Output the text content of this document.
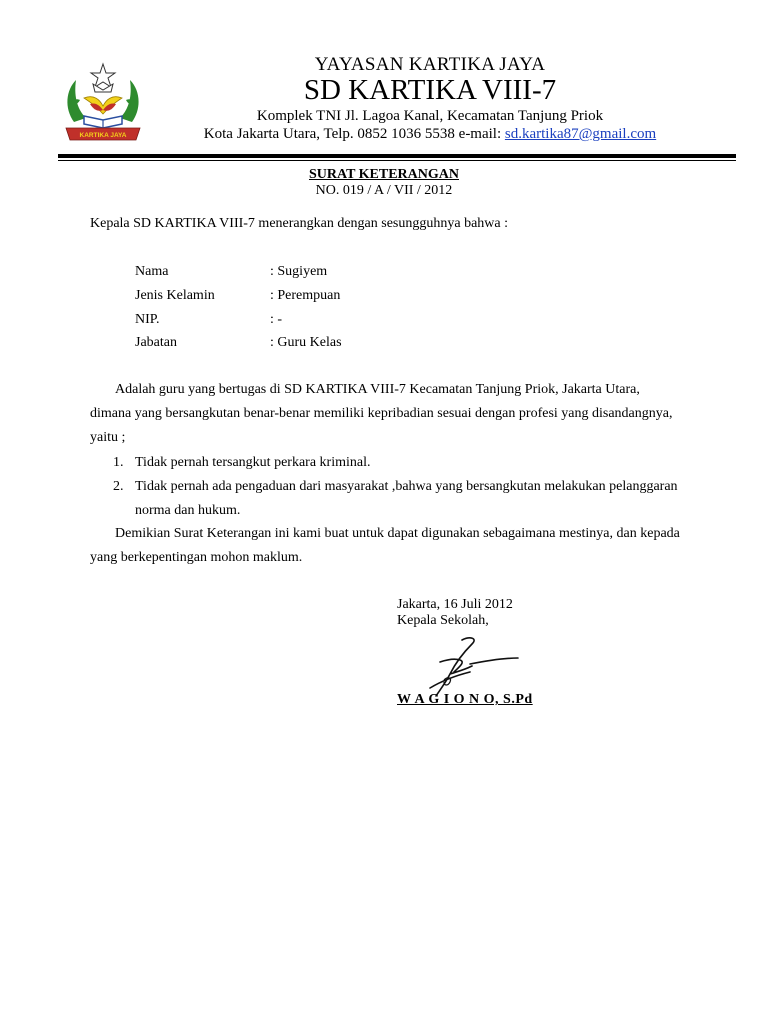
KARTIKA JAYA
YAYASAN KARTIKA JAYA
SD KARTIKA VIII-7
Komplek TNI Jl. Lagoa Kanal, Kecamatan Tanjung Priok
Kota Jakarta Utara, Telp. 0852 1036 5538 e-mail: sd.kartika87@gmail.com
SURAT KETERANGAN
NO. 019 / A / VII / 2012
Kepala SD KARTIKA VIII-7 menerangkan dengan sesungguhnya bahwa :
Nama	: Sugiyem
Jenis Kelamin	: Perempuan
NIP.	: -
Jabatan	: Guru Kelas
Adalah guru yang bertugas di SD KARTIKA VIII-7 Kecamatan Tanjung Priok, Jakarta Utara,
dimana yang bersangkutan benar-benar memiliki kepribadian sesuai dengan profesi yang disandangnya,
yaitu ;
1. Tidak pernah tersangkut perkara kriminal.
2. Tidak pernah ada pengaduan dari masyarakat ,bahwa yang bersangkutan melakukan pelanggaran
norma dan hukum.
Demikian Surat Keterangan ini kami buat untuk dapat digunakan sebagaimana mestinya, dan kepada
yang berkepentingan mohon maklum.
Jakarta, 16 Juli 2012
Kepala Sekolah,
W A G I O N O, S.Pd
